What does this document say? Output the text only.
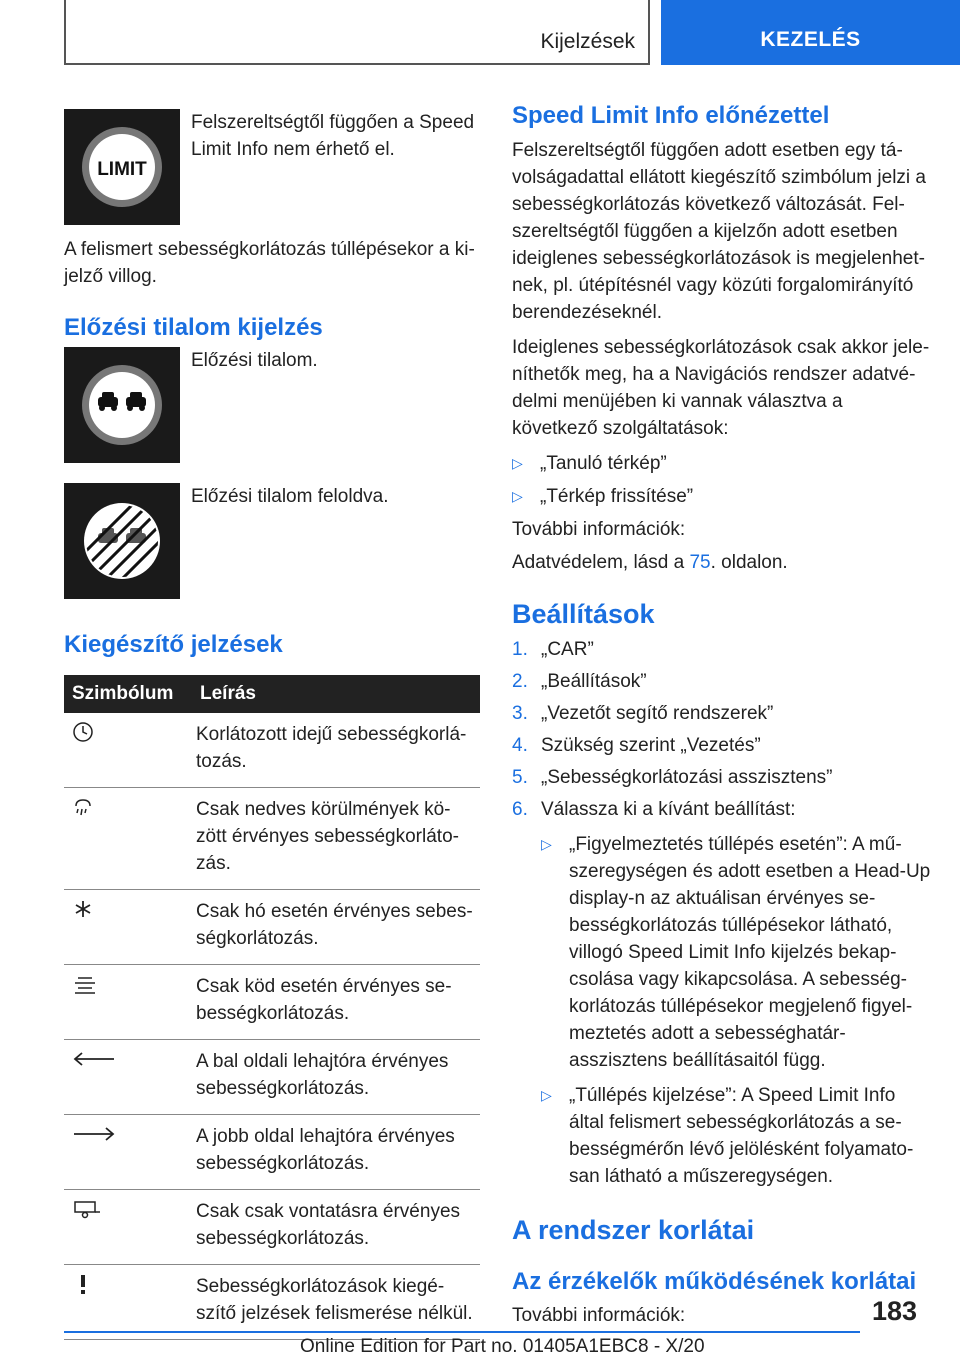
Kijelzések	KEZELÉS
LIMIT

Felszereltségtől függően a Speed Limit Info nem érhető el.

A felismert sebességkorlátozás túllépésekor a kijelző villog.

Előzési tilalom kijelzés

Előzési tilalom.

Előzési tilalom feloldva.

Kiegészítő jelzések
Szimbólum	Leírás
	Korlátozott idejű sebességkorlátozás.
	Csak nedves körülmények között érvényes sebességkorlátozás.
	Csak hó esetén érvényes sebességkorlátozás.
	Csak köd esetén érvényes sebességkorlátozás.
	A bal oldali lehajtóra érvényes sebességkorlátozás.
	A jobb oldal lehajtóra érvényes sebességkorlátozás.
	Csak csak vontatásra érvényes sebességkorlátozás.
	Sebességkorlátozások kiegészítő jelzések felismerése nélkül.
Speed Limit Info előnézettel

Felszereltségtől függően adott esetben egy távolságadattal ellátott kiegészítő szimbólum jelzi a sebességkorlátozás következő változását. Felszereltségtől függően a kijelzőn adott esetben ideiglenes sebességkorlátozások is megjelenhetnek, pl. útépítésnél vagy közúti forgalomirányító berendezéseknél.

Ideiglenes sebességkorlátozások csak akkor jeleníthetők meg, ha a Navigációs rendszer adatvédelmi menüjében ki vannak választva a következő szolgáltatások:

▷ „Tanuló térkép”
▷ „Térkép frissítése”

További információk:

Adatvédelem, lásd a 75. oldalon.

Beállítások
1. „CAR”
2. „Beállítások”
3. „Vezetőt segítő rendszerek”
4. Szükség szerint „Vezetés”
5. „Sebességkorlátozási asszisztens”
6. Válassza ki a kívánt beállítást:
▷ „Figyelmeztetés túllépés esetén”: A műszeregységen és adott esetben a Head-Up display-n az aktuálisan érvényes sebességkorlátozás túllépésekor látható, villogó Speed Limit Info kijelzés bekapcsolása vagy kikapcsolása. A sebességkorlátozás túllépésekor megjelenő figyelmeztetés adott a sebességhatár-asszisztens beállításaitól függ.
▷ „Túllépés kijelzése”: A Speed Limit Info által felismert sebességkorlátozás a sebességmérőn lévő jelölésként folyamatosan látható a műszeregységen.
A rendszer korlátai
Az érzékelők működésének korlátai

További információk:	183
Online Edition for Part no. 01405A1EBC8 - X/20
